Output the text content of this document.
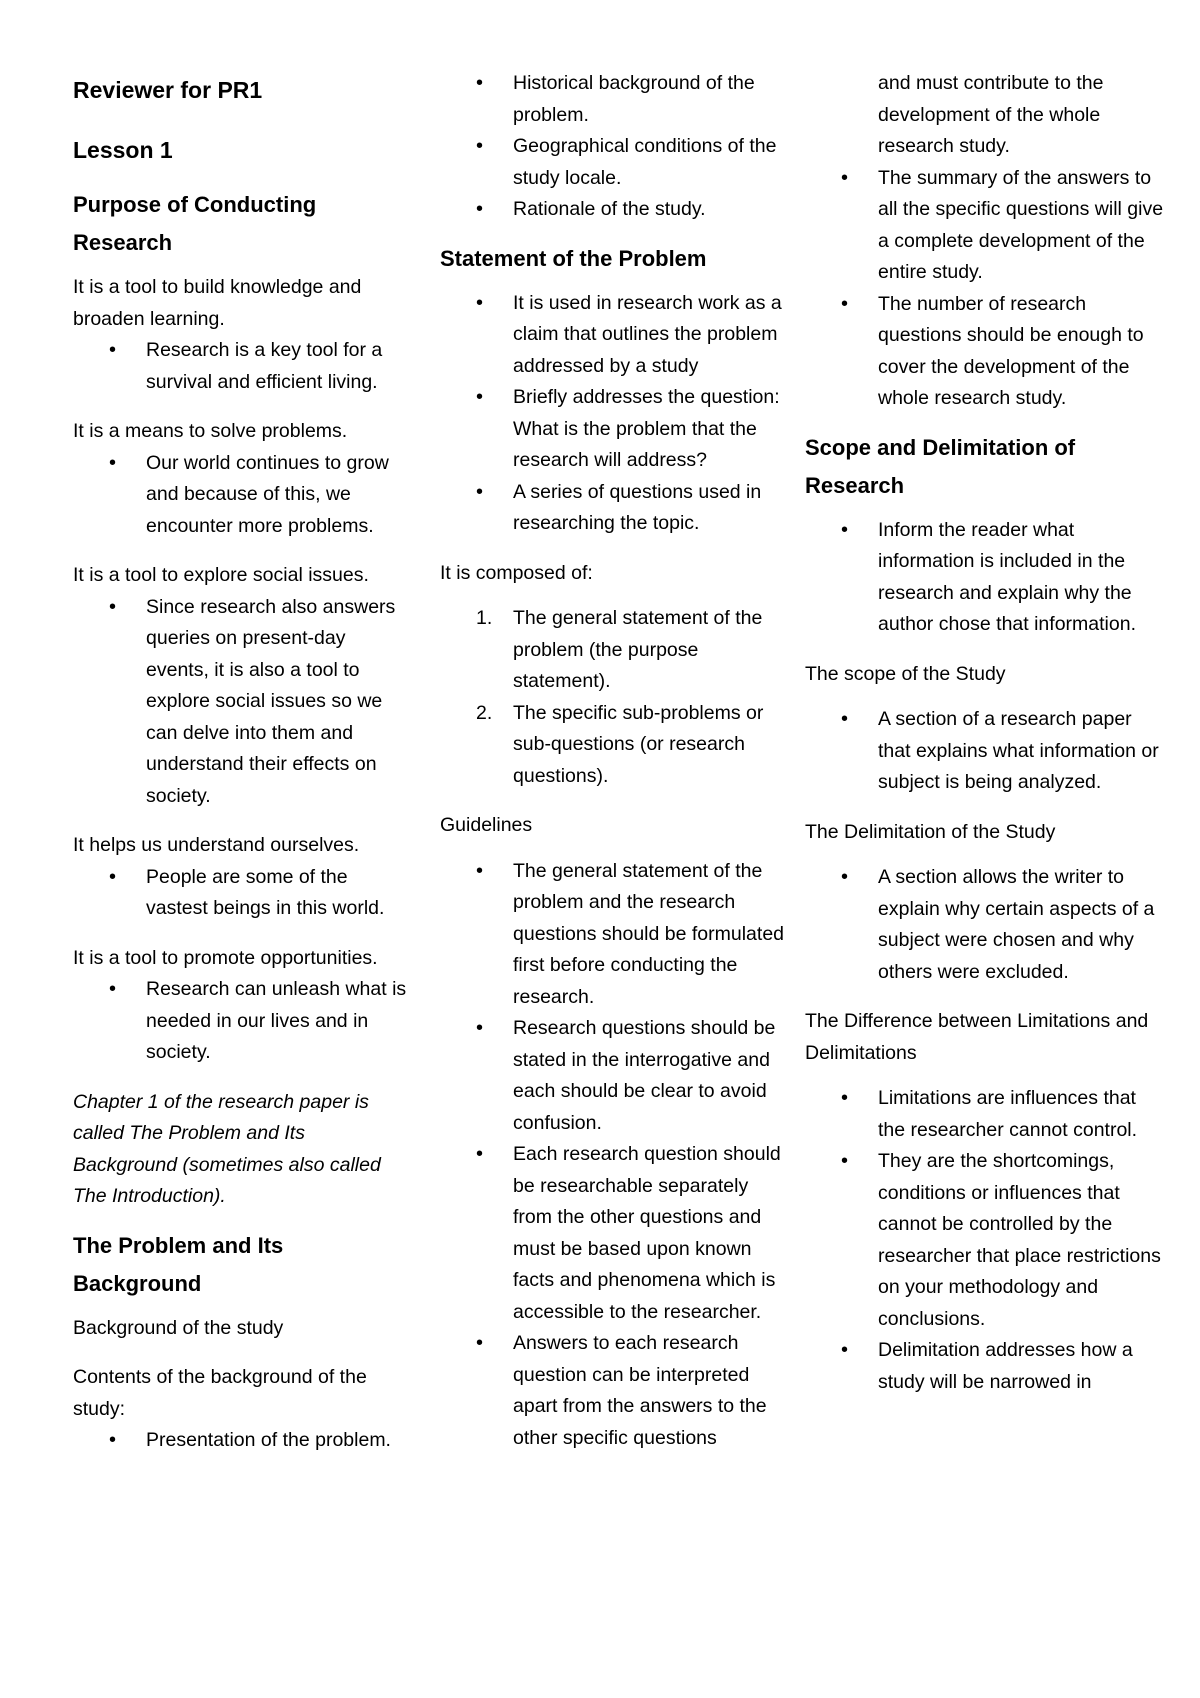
Reviewer for PR1
Lesson 1
Purpose of Conducting Research

It is a tool to build knowledge and broaden learning.

• Research is a key tool for a survival and efficient living.

It is a means to solve problems.

• Our world continues to grow and because of this, we encounter more problems.

It is a tool to explore social issues.

• Since research also answers queries on present-day events, it is also a tool to explore social issues so we can delve into them and understand their effects on society.

It helps us understand ourselves.

• People are some of the vastest beings in this world.

It is a tool to promote opportunities.

• Research can unleash what is needed in our lives and in society.

Chapter 1 of the research paper is called The Problem and Its Background (sometimes also called The Introduction).

The Problem and Its Background

Background of the study

Contents of the background of the study:

• Presentation of the problem.
• Historical background of the problem.
• Geographical conditions of the study locale.
• Rationale of the study.
Statement of the Problem
• It is used in research work as a claim that outlines the problem addressed by a study
• Briefly addresses the question: What is the problem that the research will address?
• A series of questions used in researching the topic.

It is composed of:

1. The general statement of the problem (the purpose statement).
2. The specific sub-problems or sub-questions (or research questions).

Guidelines

• The general statement of the problem and the research questions should be formulated first before conducting the research.
• Research questions should be stated in the interrogative and each should be clear to avoid confusion.
• Each research question should be researchable separately from the other questions and must be based upon known facts and phenomena which is accessible to the researcher.
• Answers to each research question can be interpreted apart from the answers to the other specific questions
and must contribute to the development of the whole research study.
• The summary of the answers to all the specific questions will give a complete development of the entire study.
• The number of research questions should be enough to cover the development of the whole research study.
Scope and Delimitation of Research
• Inform the reader what information is included in the research and explain why the author chose that information.

The scope of the Study

• A section of a research paper that explains what information or subject is being analyzed.

The Delimitation of the Study

• A section allows the writer to explain why certain aspects of a subject were chosen and why others were excluded.

The Difference between Limitations and Delimitations

• Limitations are influences that the researcher cannot control.
• They are the shortcomings, conditions or influences that cannot be controlled by the researcher that place restrictions on your methodology and conclusions.
• Delimitation addresses how a study will be narrowed in
